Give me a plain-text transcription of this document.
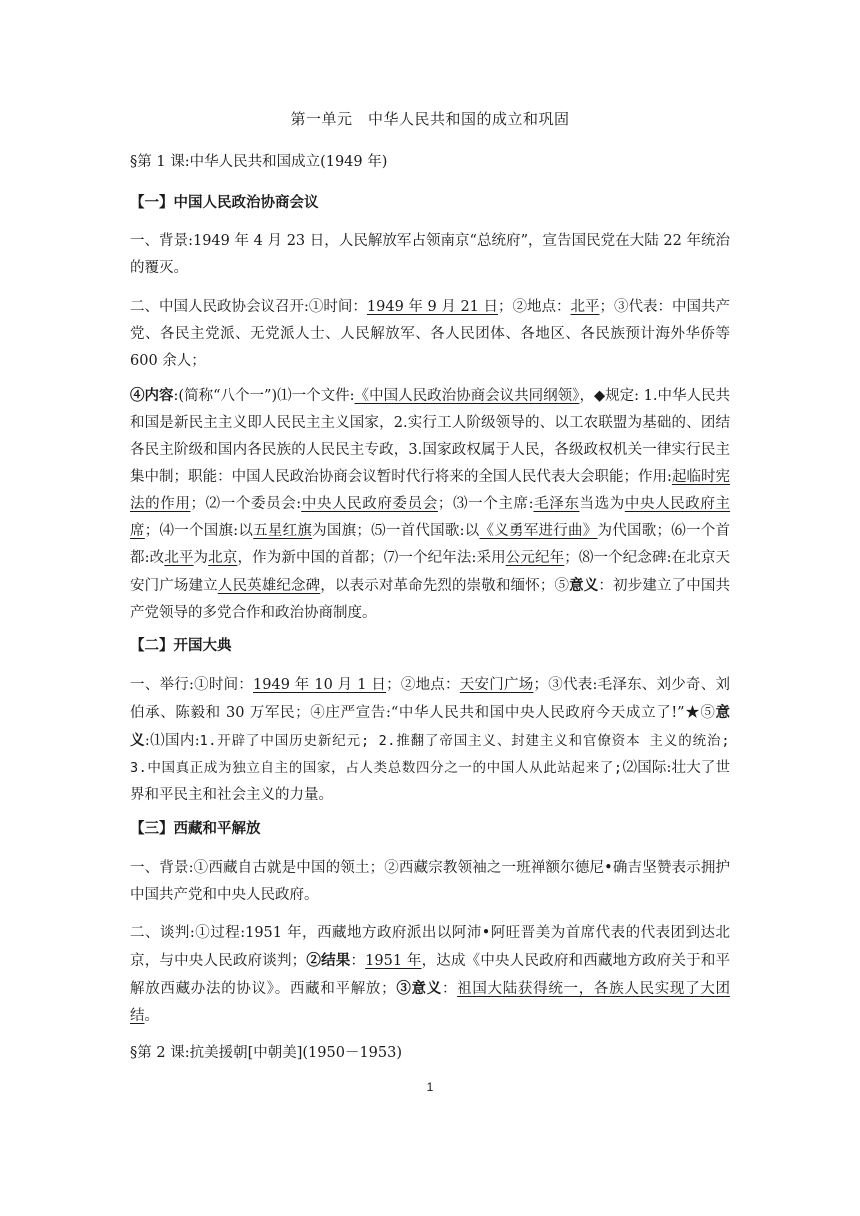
第一单元　中华人民共和国的成立和巩固
§第 1 课:中华人民共和国成立(1949 年)
【一】中国人民政治协商会议
一、背景:1949 年 4 月 23 日，人民解放军占领南京“总统府”，宣告国民党在大陆 22 年统治的覆灭。
二、中国人民政协会议召开:①时间：1949 年 9 月 21 日；②地点：北平；③代表：中国共产党、各民主党派、无党派人士、人民解放军、各人民团体、各地区、各民族预计海外华侨等 600 余人；
④内容:(简称“八个一”)⑴一个文件:《中国人民政治协商会议共同纲领》，◆规定: 1.中华人民共和国是新民主主义即人民民主主义国家，2.实行工人阶级领导的、以工农联盟为基础的、团结各民主阶级和国内各民族的人民民主专政，3.国家政权属于人民，各级政权机关一律实行民主集中制；职能：中国人民政治协商会议暂时代行将来的全国人民代表大会职能；作用:起临时宪法的作用；⑵一个委员会:中央人民政府委员会；⑶一个主席:毛泽东当选为中央人民政府主席；⑷一个国旗:以五星红旗为国旗；⑸一首代国歌:以《义勇军进行曲》为代国歌；⑹一个首都:改北平为北京，作为新中国的首都；⑺一个纪年法:采用公元纪年；⑻一个纪念碑:在北京天安门广场建立人民英雄纪念碑，以表示对革命先烈的崇敬和缅怀；⑤意义：初步建立了中国共产党领导的多党合作和政治协商制度。
【二】开国大典
一、举行:①时间：1949 年 10 月 1 日；②地点：天安门广场；③代表:毛泽东、刘少奇、刘伯承、陈毅和 30 万军民；④庄严宣告:“中华人民共和国中央人民政府今天成立了!”★⑤意义:⑴国内:1.开辟了中国历史新纪元; 2.推翻了帝国主义、封建主义和官僚资本 主义的统治; 3.中国真正成为独立自主的国家，占人类总数四分之一的中国人从此站起来了;⑵国际:壮大了世界和平民主和社会主义的力量。
【三】西藏和平解放
一、背景:①西藏自古就是中国的领土；②西藏宗教领袖之一班禅额尔德尼•确吉坚赞表示拥护中国共产党和中央人民政府。
二、谈判:①过程:1951 年，西藏地方政府派出以阿沛•阿旺晋美为首席代表的代表团到达北京，与中央人民政府谈判；②结果：1951 年，达成《中央人民政府和西藏地方政府关于和平解放西藏办法的协议》。西藏和平解放；③意义：祖国大陆获得统一，各族人民实现了大团结。
§第 2 课:抗美援朝[中朝美](1950－1953)
1
